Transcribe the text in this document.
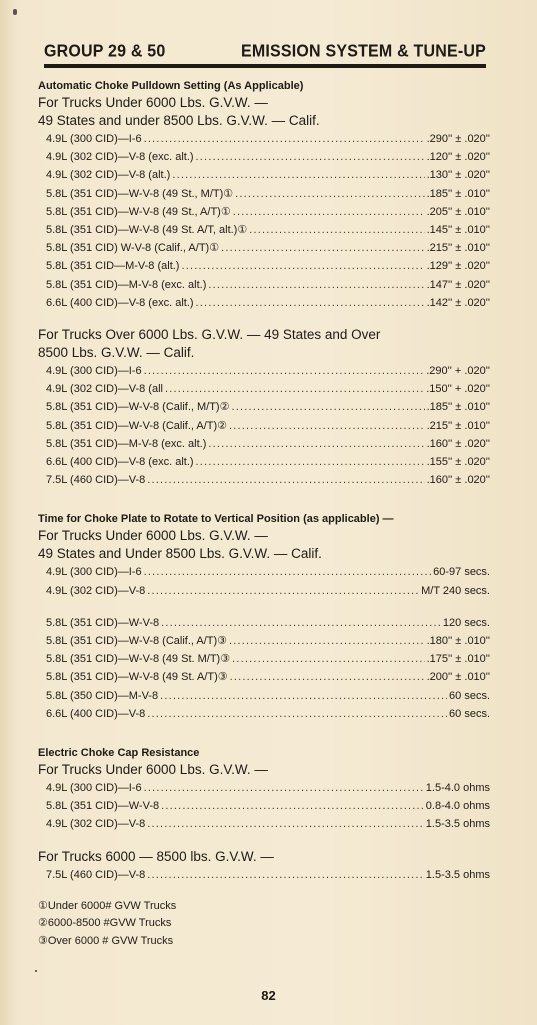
GROUP 29 & 50	EMISSION SYSTEM & TUNE-UP
Automatic Choke Pulldown Setting (As Applicable)
For Trucks Under 6000 Lbs. G.V.W. —
49 States and under 8500 Lbs. G.V.W. — Calif.
4.9L (300 CID)—I-6 .....	.290'' ± .020''
4.9L (302 CID)—V-8 (exc. alt.) .....	.120'' ± .020''
4.9L (302 CID)—V-8 (alt.) .....	.130'' ± .020''
5.8L (351 CID)—W-V-8 (49 St., M/T)① .....	.185'' ± .010''
5.8L (351 CID)—W-V-8 (49 St., A/T)① .....	.205'' ± .010''
5.8L (351 CID)—W-V-8 (49 St. A/T, alt.)① .....	.145'' ± .010''
5.8L (351 CID) W-V-8 (Calif., A/T)① .....	.215'' ± .010''
5.8L (351 CID—M-V-8 (alt.) .....	.129'' ± .020''
5.8L (351 CID)—M-V-8 (exc. alt.) .....	.147'' ± .020''
6.6L (400 CID)—V-8 (exc. alt.) .....	.142'' ± .020''
For Trucks Over 6000 Lbs. G.V.W. — 49 States and Over
8500 Lbs. G.V.W. — Calif.
4.9L (300 CID)—I-6 .....	.290'' + .020''
4.9L (302 CID)—V-8 (all .....	.150'' + .020''
5.8L (351 CID)—W-V-8 (Calif., M/T)② .....	.185'' ± .010''
5.8L (351 CID)—W-V-8 (Calif., A/T)② .....	.215'' ± .010''
5.8L (351 CID)—M-V-8 (exc. alt.) .....	.160'' ± .020''
6.6L (400 CID)—V-8 (exc. alt.) .....	.155'' ± .020''
7.5L (460 CID)—V-8 .....	.160'' ± .020''
Time for Choke Plate to Rotate to Vertical Position (as applicable) —
For Trucks Under 6000 Lbs. G.V.W. —
49 States and Under 8500 Lbs. G.V.W. — Calif.
4.9L (300 CID)—I-6 .....	60-97 secs.
4.9L (302 CID)—V-8 .....	M/T 240 secs.
5.8L (351 CID)—W-V-8 .....	120 secs.
5.8L (351 CID)—W-V-8 (Calif., A/T)③ .....	.180'' ± .010''
5.8L (351 CID)—W-V-8 (49 St. M/T)③ .....	.175'' ± .010''
5.8L (351 CID)—W-V-8 (49 St. A/T)③ .....	.200'' ± .010''
5.8L (350 CID)—M-V-8 .....	60 secs.
6.6L (400 CID)—V-8 .....	60 secs.
Electric Choke Cap Resistance
For Trucks Under 6000 Lbs. G.V.W. —
4.9L (300 CID)—I-6 .....	1.5-4.0 ohms
5.8L (351 CID)—W-V-8 .....	0.8-4.0 ohms
4.9L (302 CID)—V-8 .....	1.5-3.5 ohms
For Trucks 6000 — 8500 lbs. G.V.W. —
7.5L (460 CID)—V-8 .....	1.5-3.5 ohms
①Under 6000# GVW Trucks
②6000-8500 #GVW Trucks
③Over 6000 # GVW Trucks
82
